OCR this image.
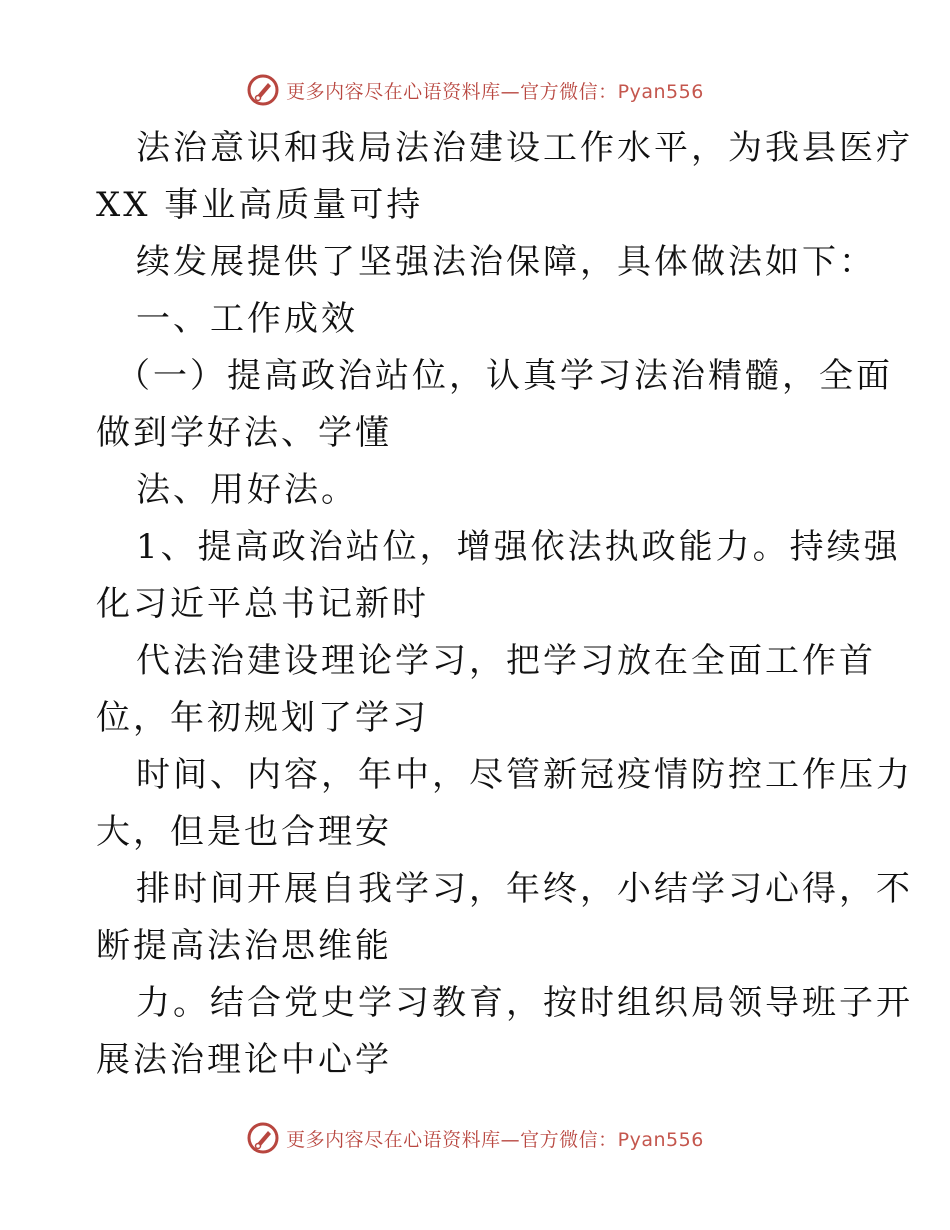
更多内容尽在心语资料库—官方微信：Pyan556
法治意识和我局法治建设工作水平，为我县医疗
XX 事业高质量可持
续发展提供了坚强法治保障，具体做法如下：
一、工作成效
（一）提高政治站位，认真学习法治精髓，全面
做到学好法、学懂
法、用好法。
1、提高政治站位，增强依法执政能力。持续强
化习近平总书记新时
代法治建设理论学习，把学习放在全面工作首
位，年初规划了学习
时间、内容，年中，尽管新冠疫情防控工作压力
大，但是也合理安
排时间开展自我学习，年终，小结学习心得，不
断提高法治思维能
力。结合党史学习教育，按时组织局领导班子开
展法治理论中心学
更多内容尽在心语资料库—官方微信：Pyan556
